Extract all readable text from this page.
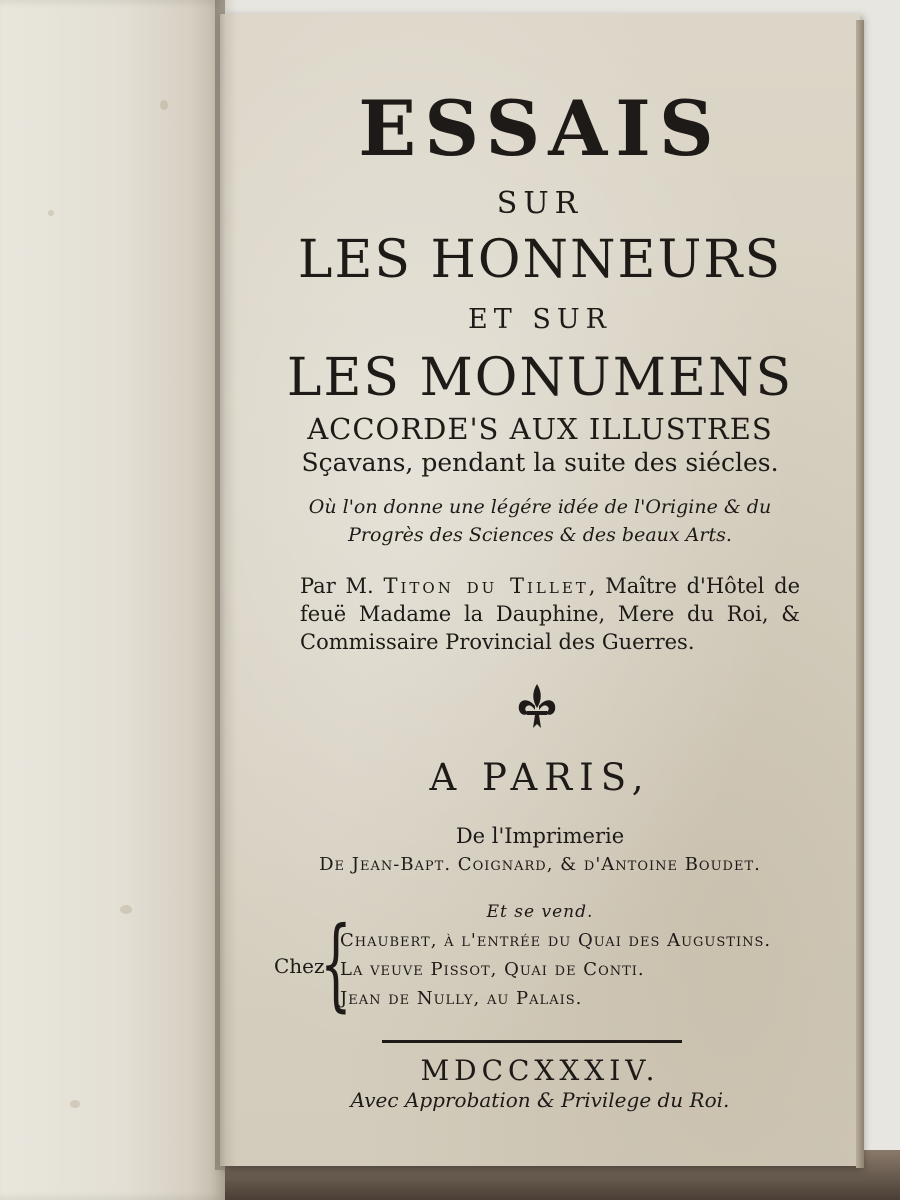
ESSAIS
SUR
LES HONNEURS
ET SUR
LES MONUMENS
ACCORDE'S AUX ILLUSTRES
Sçavans, pendant la suite des siécles.
Où l'on donne une légére idée de l'Origine & du
Progrès des Sciences & des beaux Arts.
Par M. Titon du Tillet, Maître d'Hôtel de feuë Madame la Dauphine, Mere du Roi, & Commissaire Provincial des Guerres.
A PARIS,
De l'Imprimerie
De Jean-Bapt. Coignard, & d'Antoine Boudet.
Et se vend.
Chez
{
Chaubert, à l'entrée du Quai des Augustins.
La veuve Pissot, Quai de Conti.
Jean de Nully, au Palais.
MDCCXXXIV.
Avec Approbation & Privilege du Roi.
